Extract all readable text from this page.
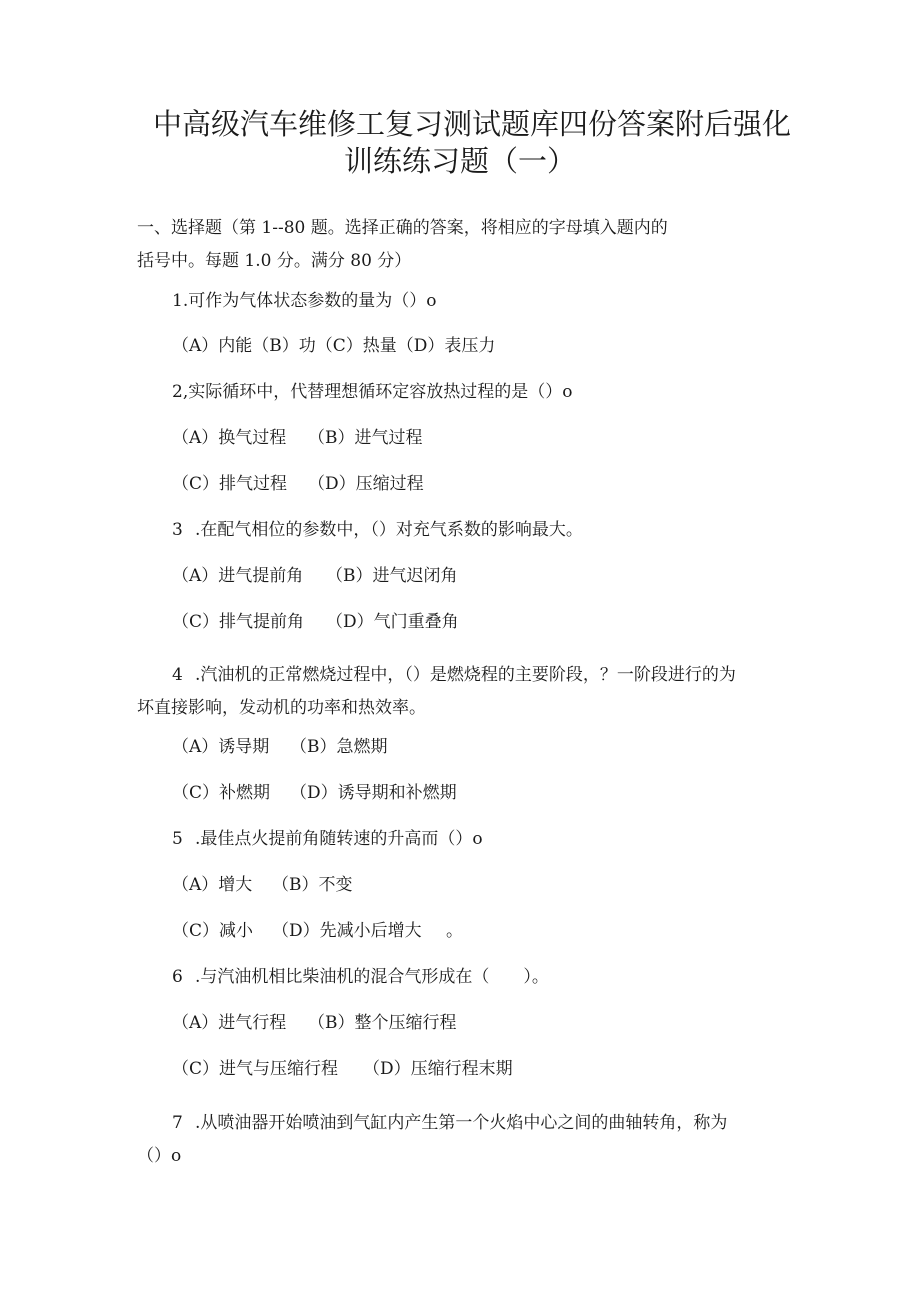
中高级汽车维修工复习测试题库四份答案附后强化
训练练习题（一）
一、选择题（第 1--80 题。选择正确的答案，将相应的字母填入题内的
括号中。每题 1.0 分。满分 80 分）
1.可作为气体状态参数的量为（）o
（A）内能（B）功（C）热量（D）表压力
2,实际循环中，代替理想循环定容放热过程的是（）o
（A）换气过程 （B）进气过程
（C）排气过程 （D）压缩过程
3 .在配气相位的参数中，（）对充气系数的影响最大。
（A）进气提前角 （B）进气迟闭角
（C）排气提前角 （D）气门重叠角
4 .汽油机的正常燃烧过程中，（）是燃烧程的主要阶段，？一阶段进行的为
坏直接影响，发动机的功率和热效率。
（A）诱导期 （B）急燃期
（C）补燃期 （D）诱导期和补燃期
5 .最佳点火提前角随转速的升高而（）o
（A）增大 （B）不变
（C）减小 （D）先减小后增大 。
6 .与汽油机相比柴油机的混合气形成在（　　）。
（A）进气行程 （B）整个压缩行程
（C）进气与压缩行程 （D）压缩行程末期
7 .从喷油器开始喷油到气缸内产生第一个火焰中心之间的曲轴转角，称为
（）o
